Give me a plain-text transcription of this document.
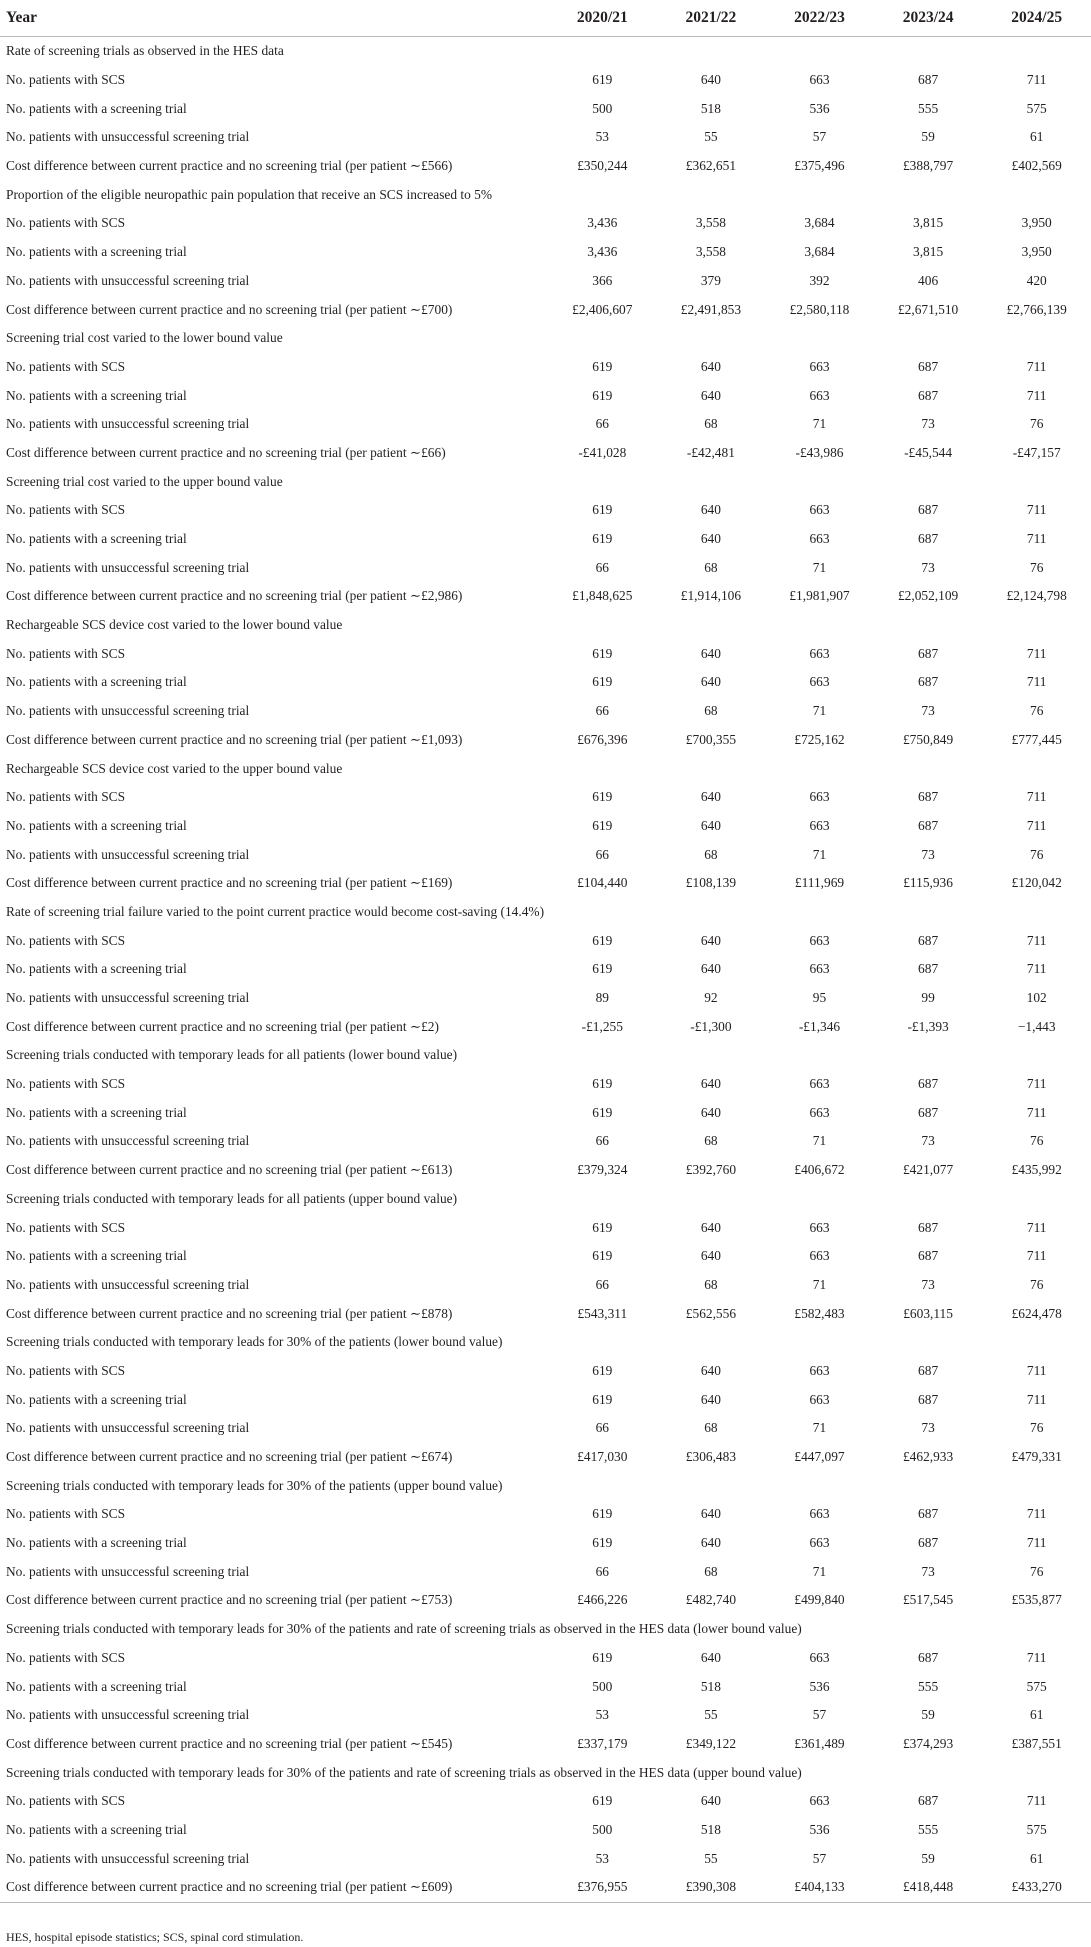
Year	2020/21	2021/22	2022/23	2023/24	2024/25
Rate of screening trials as observed in the HES data					
No. patients with SCS	619	640	663	687	711
No. patients with a screening trial	500	518	536	555	575
No. patients with unsuccessful screening trial	53	55	57	59	61
Cost difference between current practice and no screening trial (per patient ∼£566)	£350,244	£362,651	£375,496	£388,797	£402,569
Proportion of the eligible neuropathic pain population that receive an SCS increased to 5%					
No. patients with SCS	3,436	3,558	3,684	3,815	3,950
No. patients with a screening trial	3,436	3,558	3,684	3,815	3,950
No. patients with unsuccessful screening trial	366	379	392	406	420
Cost difference between current practice and no screening trial (per patient ∼£700)	£2,406,607	£2,491,853	£2,580,118	£2,671,510	£2,766,139
Screening trial cost varied to the lower bound value					
No. patients with SCS	619	640	663	687	711
No. patients with a screening trial	619	640	663	687	711
No. patients with unsuccessful screening trial	66	68	71	73	76
Cost difference between current practice and no screening trial (per patient ∼£66)	-£41,028	-£42,481	-£43,986	-£45,544	-£47,157
Screening trial cost varied to the upper bound value					
No. patients with SCS	619	640	663	687	711
No. patients with a screening trial	619	640	663	687	711
No. patients with unsuccessful screening trial	66	68	71	73	76
Cost difference between current practice and no screening trial (per patient ∼£2,986)	£1,848,625	£1,914,106	£1,981,907	£2,052,109	£2,124,798
Rechargeable SCS device cost varied to the lower bound value					
No. patients with SCS	619	640	663	687	711
No. patients with a screening trial	619	640	663	687	711
No. patients with unsuccessful screening trial	66	68	71	73	76
Cost difference between current practice and no screening trial (per patient ∼£1,093)	£676,396	£700,355	£725,162	£750,849	£777,445
Rechargeable SCS device cost varied to the upper bound value					
No. patients with SCS	619	640	663	687	711
No. patients with a screening trial	619	640	663	687	711
No. patients with unsuccessful screening trial	66	68	71	73	76
Cost difference between current practice and no screening trial (per patient ∼£169)	£104,440	£108,139	£111,969	£115,936	£120,042
Rate of screening trial failure varied to the point current practice would become cost-saving (14.4%)					
No. patients with SCS	619	640	663	687	711
No. patients with a screening trial	619	640	663	687	711
No. patients with unsuccessful screening trial	89	92	95	99	102
Cost difference between current practice and no screening trial (per patient ∼£2)	-£1,255	-£1,300	-£1,346	-£1,393	−1,443
Screening trials conducted with temporary leads for all patients (lower bound value)					
No. patients with SCS	619	640	663	687	711
No. patients with a screening trial	619	640	663	687	711
No. patients with unsuccessful screening trial	66	68	71	73	76
Cost difference between current practice and no screening trial (per patient ∼£613)	£379,324	£392,760	£406,672	£421,077	£435,992
Screening trials conducted with temporary leads for all patients (upper bound value)					
No. patients with SCS	619	640	663	687	711
No. patients with a screening trial	619	640	663	687	711
No. patients with unsuccessful screening trial	66	68	71	73	76
Cost difference between current practice and no screening trial (per patient ∼£878)	£543,311	£562,556	£582,483	£603,115	£624,478
Screening trials conducted with temporary leads for 30% of the patients (lower bound value)					
No. patients with SCS	619	640	663	687	711
No. patients with a screening trial	619	640	663	687	711
No. patients with unsuccessful screening trial	66	68	71	73	76
Cost difference between current practice and no screening trial (per patient ∼£674)	£417,030	£306,483	£447,097	£462,933	£479,331
Screening trials conducted with temporary leads for 30% of the patients (upper bound value)					
No. patients with SCS	619	640	663	687	711
No. patients with a screening trial	619	640	663	687	711
No. patients with unsuccessful screening trial	66	68	71	73	76
Cost difference between current practice and no screening trial (per patient ∼£753)	£466,226	£482,740	£499,840	£517,545	£535,877
Screening trials conducted with temporary leads for 30% of the patients and rate of screening trials as observed in the HES data (lower bound value)					
No. patients with SCS	619	640	663	687	711
No. patients with a screening trial	500	518	536	555	575
No. patients with unsuccessful screening trial	53	55	57	59	61
Cost difference between current practice and no screening trial (per patient ∼£545)	£337,179	£349,122	£361,489	£374,293	£387,551
Screening trials conducted with temporary leads for 30% of the patients and rate of screening trials as observed in the HES data (upper bound value)					
No. patients with SCS	619	640	663	687	711
No. patients with a screening trial	500	518	536	555	575
No. patients with unsuccessful screening trial	53	55	57	59	61
Cost difference between current practice and no screening trial (per patient ∼£609)	£376,955	£390,308	£404,133	£418,448	£433,270
HES, hospital episode statistics; SCS, spinal cord stimulation.
